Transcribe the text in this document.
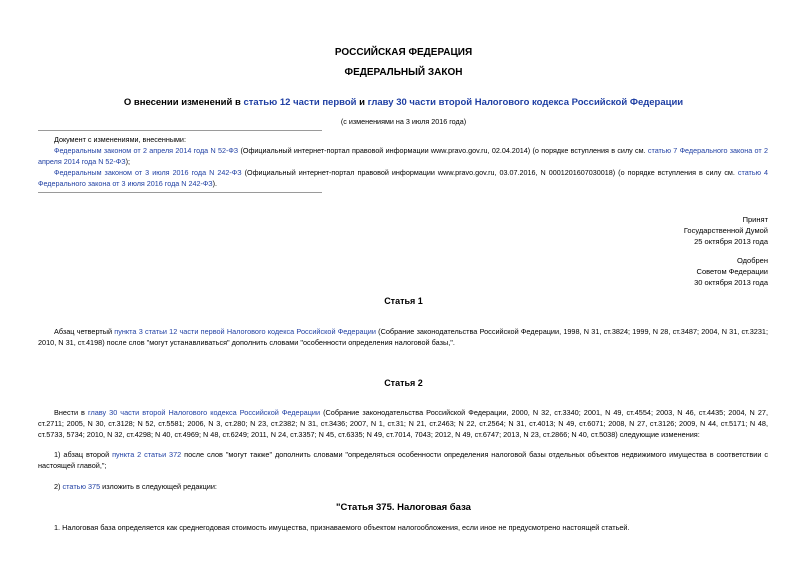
РОССИЙСКАЯ ФЕДЕРАЦИЯ
ФЕДЕРАЛЬНЫЙ ЗАКОН
О внесении изменений в статью 12 части первой и главу 30 части второй Налогового кодекса Российской Федерации
(с изменениями на 3 июля 2016 года)
Документ с изменениями, внесенными:
Федеральным законом от 2 апреля 2014 года N 52-ФЗ (Официальный интернет-портал правовой информации www.pravo.gov.ru, 02.04.2014) (о порядке вступления в силу см. статью 7 Федерального закона от 2 апреля 2014 года N 52-ФЗ);
Федеральным законом от 3 июля 2016 года N 242-ФЗ (Официальный интернет-портал правовой информации www.pravo.gov.ru, 03.07.2016, N 0001201607030018) (о порядке вступления в силу см. статью 4 Федерального закона от 3 июля 2016 года N 242-ФЗ).
Принят
Государственной Думой
25 октября 2013 года
Одобрен
Советом Федерации
30 октября 2013 года
Статья 1
Абзац четвертый пункта 3 статьи 12 части первой Налогового кодекса Российской Федерации (Собрание законодательства Российской Федерации, 1998, N 31, ст.3824; 1999, N 28, ст.3487; 2004, N 31, ст.3231; 2010, N 31, ст.4198) после слов "могут устанавливаться" дополнить словами "особенности определения налоговой базы,".
Статья 2
Внести в главу 30 части второй Налогового кодекса Российской Федерации (Собрание законодательства Российской Федерации, 2000, N 32, ст.3340; 2001, N 49, ст.4554; 2003, N 46, ст.4435; 2004, N 27, ст.2711; 2005, N 30, ст.3128; N 52, ст.5581; 2006, N 3, ст.280; N 23, ст.2382; N 31, ст.3436; 2007, N 1, ст.31; N 21, ст.2463; N 22, ст.2564; N 31, ст.4013; N 49, ст.6071; 2008, N 27, ст.3126; 2009, N 44, ст.5171; N 48, ст.5733, 5734; 2010, N 32, ст.4298; N 40, ст.4969; N 48, ст.6249; 2011, N 24, ст.3357; N 45, ст.6335; N 49, ст.7014, 7043; 2012, N 49, ст.6747; 2013, N 23, ст.2866; N 40, ст.5038) следующие изменения:
1) абзац второй пункта 2 статьи 372 после слов "могут также" дополнить словами "определяться особенности определения налоговой базы отдельных объектов недвижимого имущества в соответствии с настоящей главой,";
2) статью 375 изложить в следующей редакции:
"Статья 375. Налоговая база
1. Налоговая база определяется как среднегодовая стоимость имущества, признаваемого объектом налогообложения, если иное не предусмотрено настоящей статьей.
